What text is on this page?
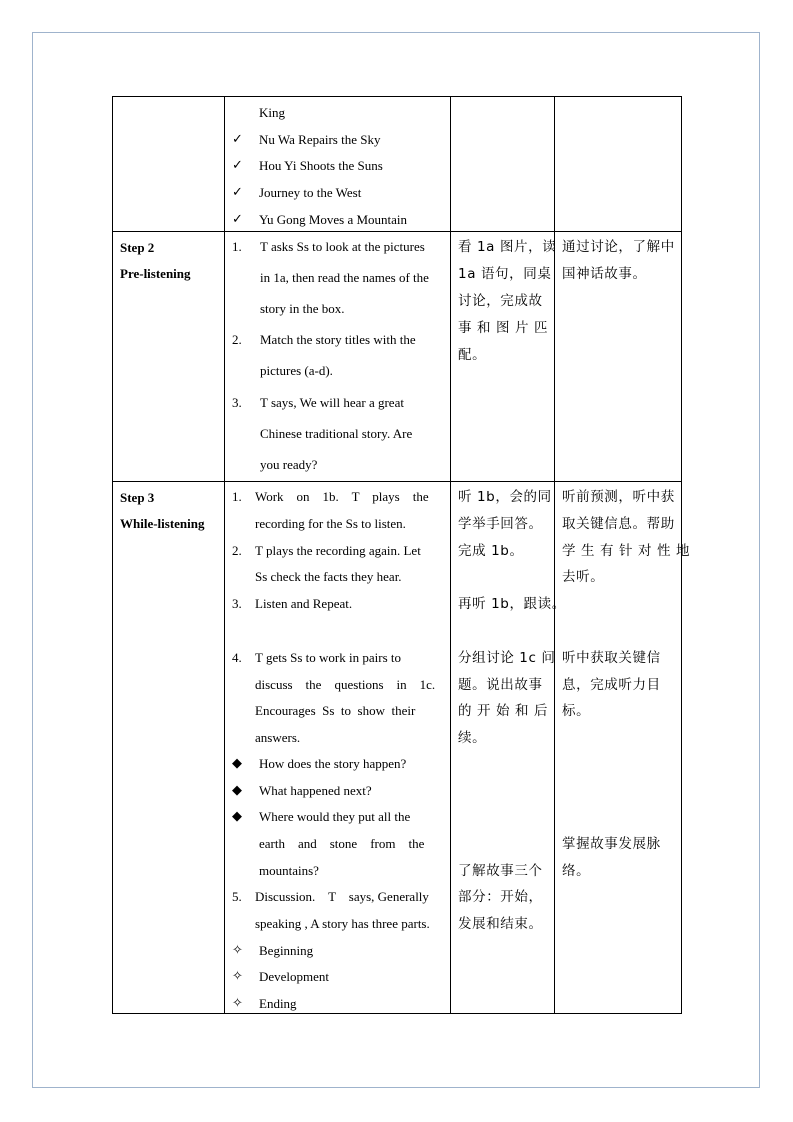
King
✓ Nu Wa Repairs the Sky
✓ Hou Yi Shoots the Suns
✓ Journey to the West
✓ Yu Gong Moves a Mountain
Step 2
Pre-listening
1. T asks Ss to look at the pictures
in 1a, then read the names of the
story in the box.
2. Match the story titles with the
pictures (a-d).
3. T says, We will hear a great
Chinese traditional story. Are
you ready?
看 1a 图片，读
1a 语句，同桌
讨论，完成故
事 和 图 片 匹
配。
通过讨论，了解中
国神话故事。
Step 3
While-listening
1. Work    on    1b.    T    plays    the
recording for the Ss to listen.
2. T plays the recording again. Let
Ss check the facts they hear.
3. Listen and Repeat.
4. T gets Ss to work in pairs to
discuss    the    questions    in    1c.
Encourages  Ss  to  show  their
answers.
◆ How does the story happen?
◆ What happened next?
◆ Where would they put all the
earth    and    stone    from    the
mountains?
5. Discussion.    T    says, Generally
speaking , A story has three parts.
✧ Beginning
✧ Development
✧ Ending
听 1b，会的同
学举手回答。
完成 1b。
再听 1b，跟读。
分组讨论 1c 问
题。说出故事
的 开 始 和 后
续。
了解故事三个
部分：开始，
发展和结束。
听前预测，听中获
取关键信息。帮助
学 生 有 针 对 性 地
去听。
听中获取关键信
息，完成听力目
标。
掌握故事发展脉
络。
